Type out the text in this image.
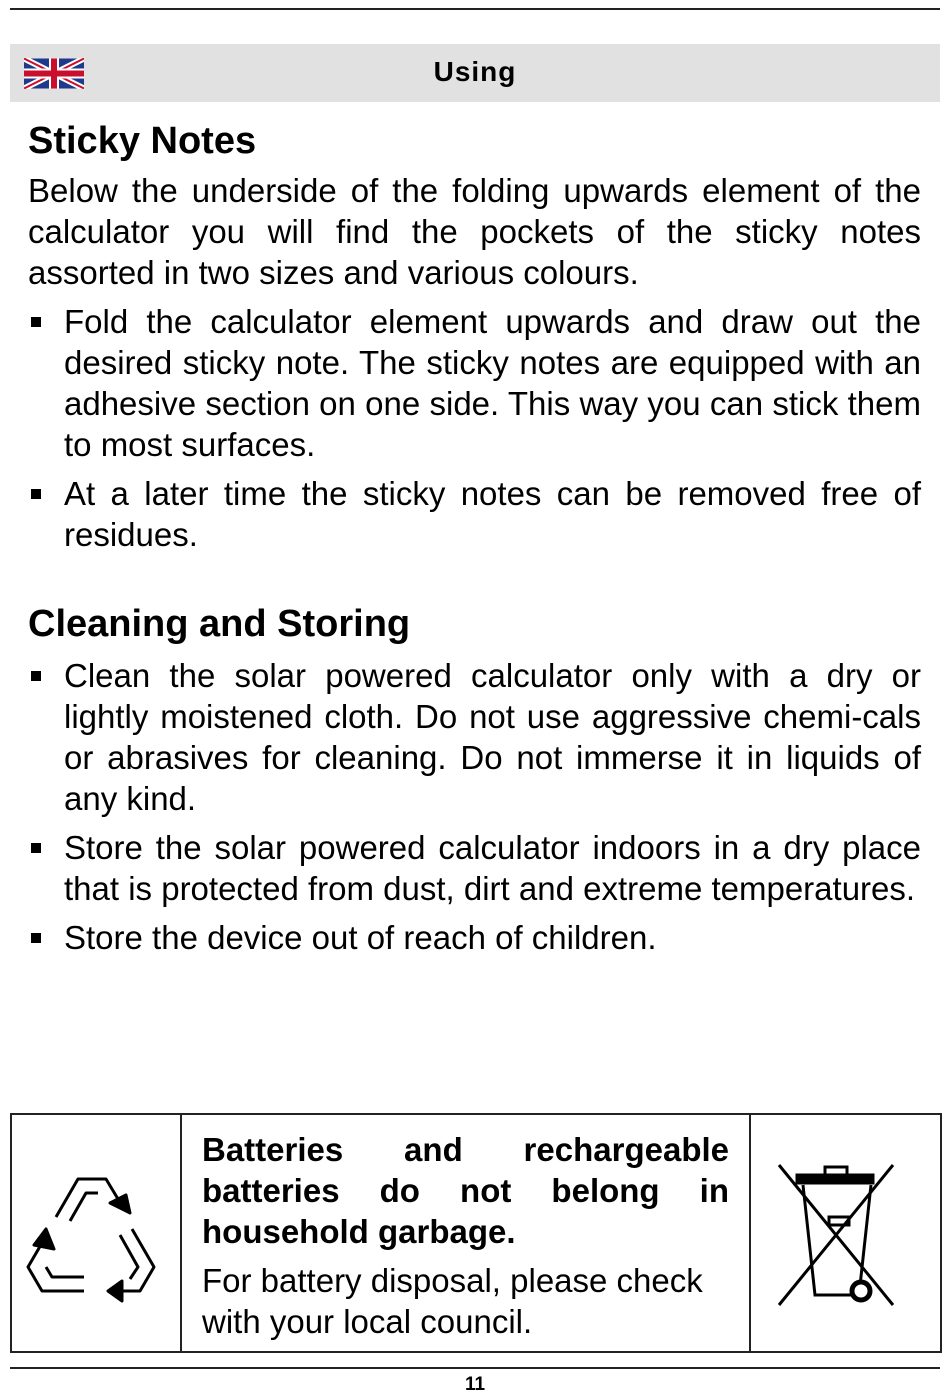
Using
Sticky Notes

Below the underside of the folding upwards element of the calculator you will find the pockets of the sticky notes assorted in two sizes and various colours.

Fold the calculator element upwards and draw out the desired sticky note. The sticky notes are equipped with an adhesive section on one side. This way you can stick them to most surfaces.
At a later time the sticky notes can be removed free of residues.
Cleaning and Storing
Clean the solar powered calculator only with a dry or lightly moistened cloth. Do not use aggressive chemi-cals or abrasives for cleaning. Do not immerse it in liquids of any kind.
Store the solar powered calculator indoors in a dry place that is protected from dust, dirt and extreme temperatures.
Store the device out of reach of children.

Batteries and rechargeable batteries do not belong in household garbage.

For battery disposal, please check with your local council.

11
